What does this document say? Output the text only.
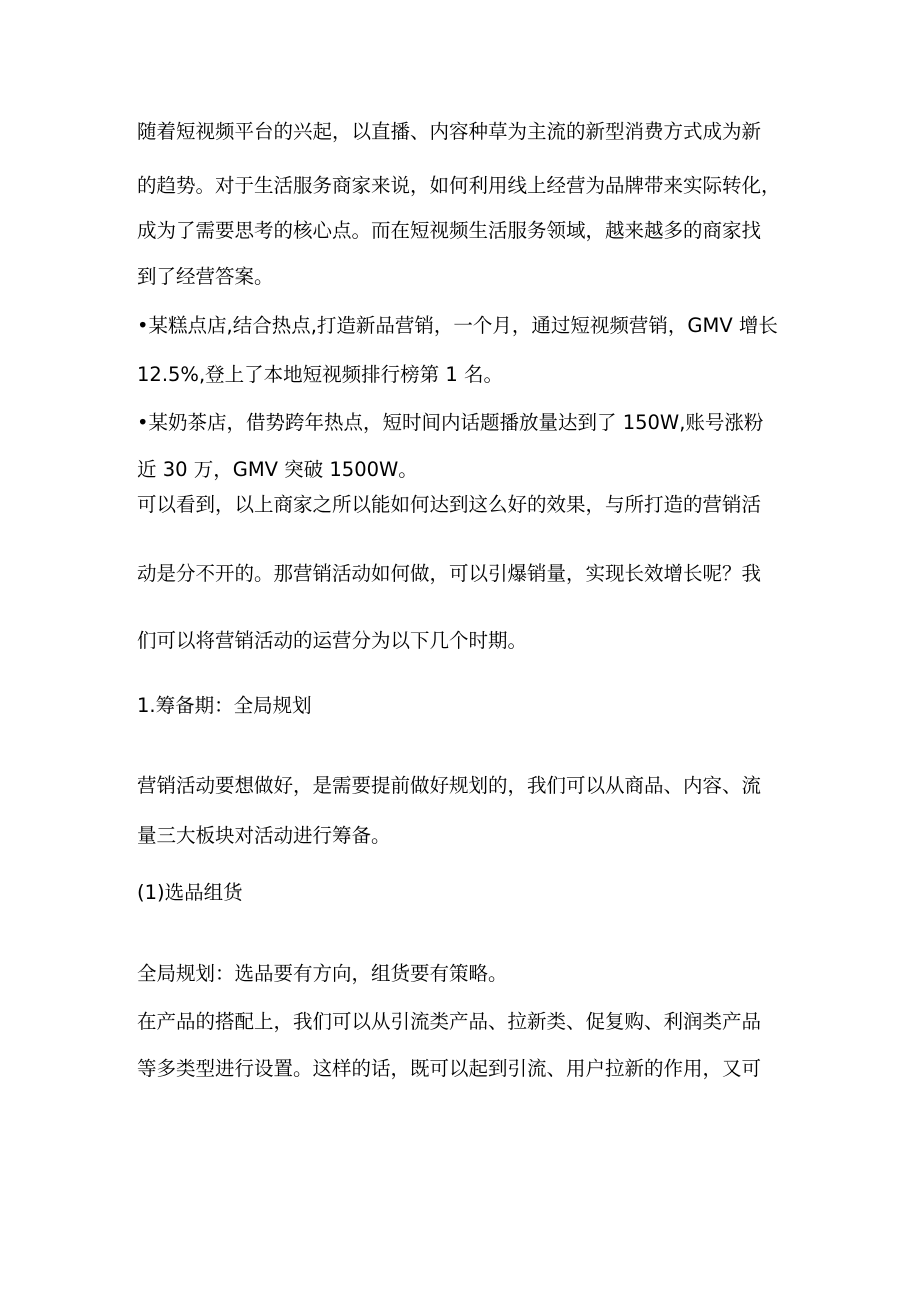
随着短视频平台的兴起，以直播、内容种草为主流的新型消费方式成为新
的趋势。对于生活服务商家来说，如何利用线上经营为品牌带来实际转化，
成为了需要思考的核心点。而在短视频生活服务领域，越来越多的商家找
到了经营答案。
•某糕点店,结合热点,打造新品营销，一个月，通过短视频营销，GMV 增长
12.5%,登上了本地短视频排行榜第 1 名。
•某奶茶店，借势跨年热点，短时间内话题播放量达到了 150W,账号涨粉
近 30 万，GMV 突破 1500W。
可以看到，以上商家之所以能如何达到这么好的效果，与所打造的营销活
动是分不开的。那营销活动如何做，可以引爆销量，实现长效增长呢？我
们可以将营销活动的运营分为以下几个时期。
1.筹备期：全局规划
营销活动要想做好，是需要提前做好规划的，我们可以从商品、内容、流
量三大板块对活动进行筹备。
(1)选品组货
全局规划：选品要有方向，组货要有策略。
在产品的搭配上，我们可以从引流类产品、拉新类、促复购、利润类产品
等多类型进行设置。这样的话，既可以起到引流、用户拉新的作用，又可
